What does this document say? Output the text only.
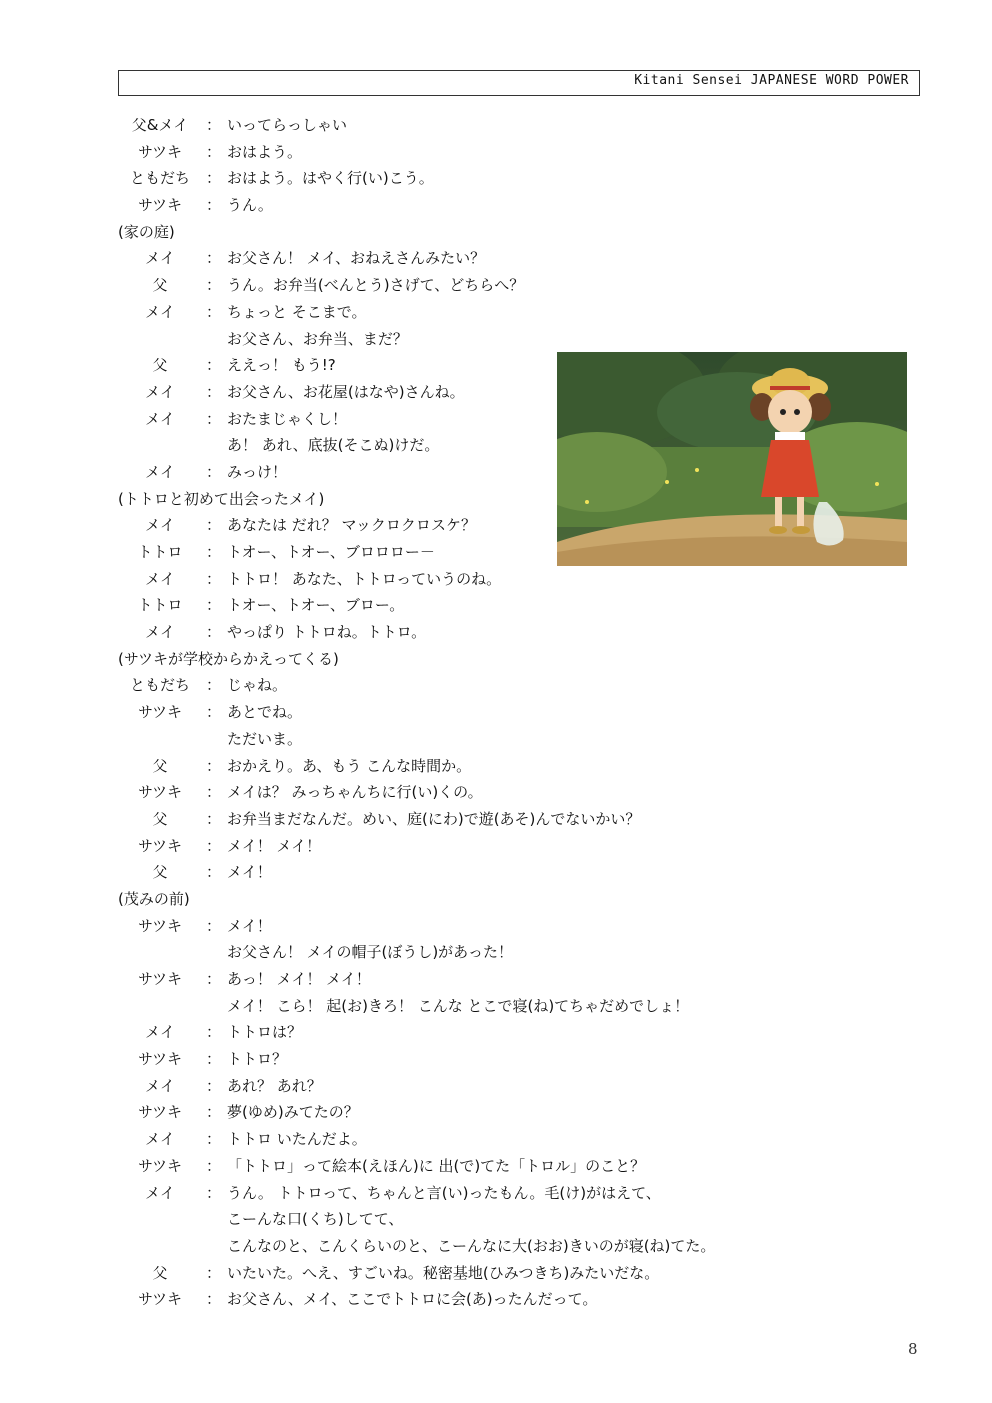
Kitani Sensei JAPANESE WORD POWER
父&メイ	： いってらっしゃい
サツキ	： おはよう。
ともだち	： おはよう。はやく行(い)こう。
サツキ	： うん。
(家の庭)
メイ	： お父さん！ メイ、おねえさんみたい？
父	： うん。お弁当(べんとう)さげて、どちらへ？
メイ	： ちょっと そこまで。
お父さん、お弁当、まだ？
父	： ええっ！ もう!?
メイ	： お父さん、お花屋(はなや)さんね。
メイ	： おたまじゃくし！
あ！ あれ、底抜(そこぬ)けだ。
メイ	： みっけ！
(トトロと初めて出会ったメイ)
メイ	： あなたは だれ？ マックロクロスケ？
トトロ	： トオー、トオー、ブロロロー－
メイ	： トトロ！ あなた、トトロっていうのね。
トトロ	： トオー、トオー、ブロー。
メイ	： やっぱり トトロね。トトロ。
(サツキが学校からかえってくる)
ともだち	： じゃね。
サツキ	： あとでね。
ただいま。
父	： おかえり。あ、もう こんな時間か。
サツキ	： メイは？ みっちゃんちに行(い)くの。
父	： お弁当まだなんだ。めい、庭(にわ)で遊(あそ)んでないかい？
サツキ	： メイ！ メイ！
父	： メイ！
(茂みの前)
サツキ	： メイ！
お父さん！ メイの帽子(ぼうし)があった！
サツキ	： あっ！ メイ！ メイ！
メイ！ こら！ 起(お)きろ！ こんな とこで寝(ね)てちゃだめでしょ！
メイ	： トトロは？
サツキ	： トトロ？
メイ	： あれ？ あれ？
サツキ	： 夢(ゆめ)みてたの？
メイ	： トトロ いたんだよ。
サツキ	： 「トトロ」って絵本(えほん)に 出(で)てた「トロル」のこと？
メイ	： うん。 トトロって、ちゃんと言(い)ったもん。毛(け)がはえて、
こーんな口(くち)してて、
こんなのと、こんくらいのと、こーんなに大(おお)きいのが寝(ね)てた。
父	： いたいた。へえ、すごいね。秘密基地(ひみつきち)みたいだな。
サツキ	： お父さん、メイ、ここでトトロに会(あ)ったんだって。
8
